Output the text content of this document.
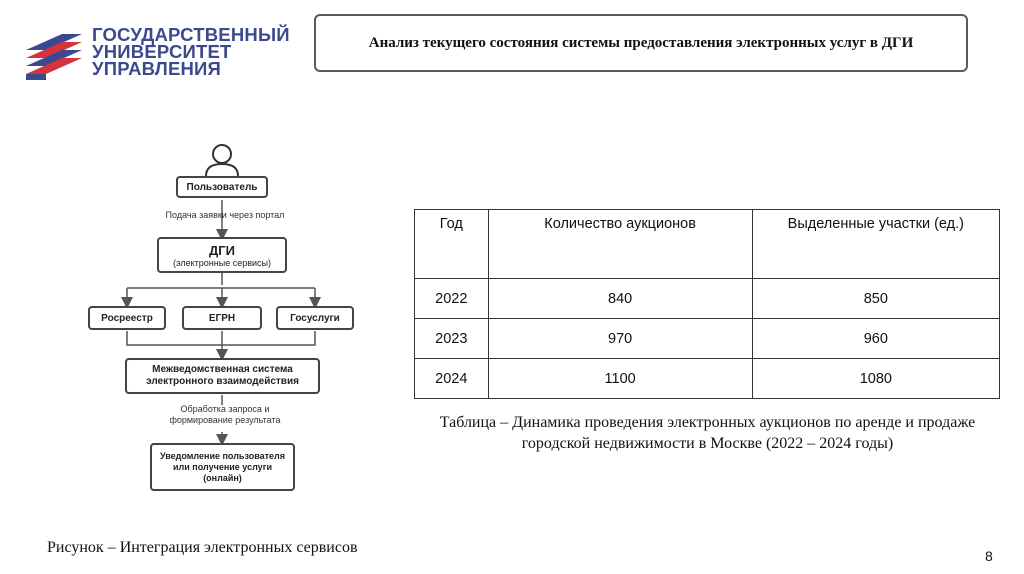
ГОСУДАРСТВЕННЫЙ
УНИВЕРСИТЕТ
УПРАВЛЕНИЯ
Анализ текущего состояния системы предоставления электронных услуг в ДГИ
Пользователь
Подача заявки через портал
ДГИ
(электронные сервисы)
Росреестр	ЕГРН	Госуслуги
Межведомственная система
электронного взаимодействия
Обработка запроса и
формирование результата
Уведомление пользователя
или получение услуги
(онлайн)
Год	Количество аукционов	Выделенные участки (ед.)
2022	840	850
2023	970	960
2024	1100	1080
Таблица – Динамика проведения электронных аукционов по аренде и продаже городской недвижимости в Москве (2022 – 2024 годы)
Рисунок – Интеграция электронных сервисов	8
